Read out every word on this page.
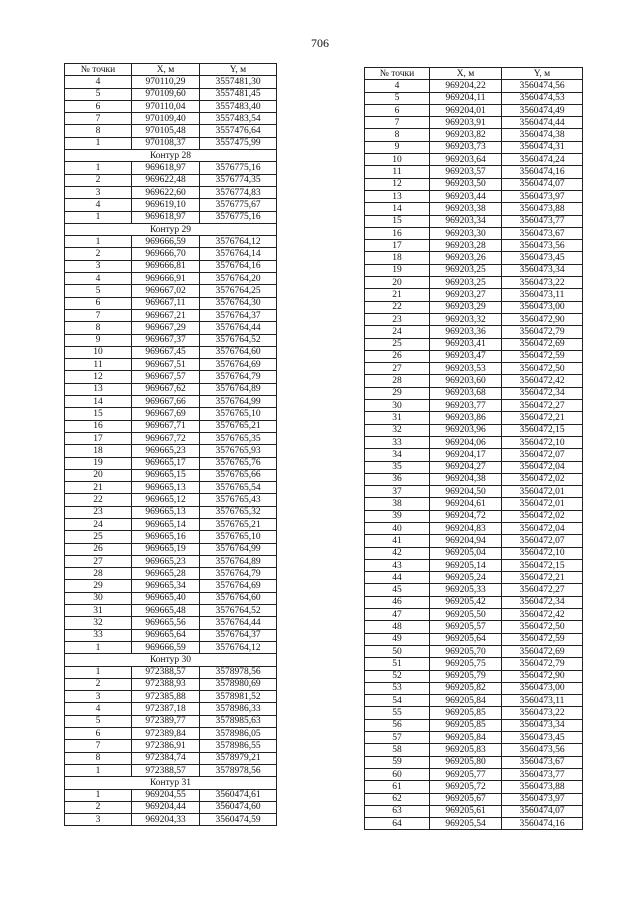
706
№ точки	X, м	Y, м
4	970110,29	3557481,30
5	970109,60	3557481,45
6	970110,04	3557483,40
7	970109,40	3557483,54
8	970105,48	3557476,64
1	970108,37	3557475,99
Контур 28		
1	969618,97	3576775,16
2	969622,48	3576774,35
3	969622,60	3576774,83
4	969619,10	3576775,67
1	969618,97	3576775,16
Контур 29		
1	969666,59	3576764,12
2	969666,70	3576764,14
3	969666,81	3576764,16
4	969666,91	3576764,20
5	969667,02	3576764,25
6	969667,11	3576764,30
7	969667,21	3576764,37
8	969667,29	3576764,44
9	969667,37	3576764,52
10	969667,45	3576764,60
11	969667,51	3576764,69
12	969667,57	3576764,79
13	969667,62	3576764,89
14	969667,66	3576764,99
15	969667,69	3576765,10
16	969667,71	3576765,21
17	969667,72	3576765,35
18	969665,23	3576765,93
19	969665,17	3576765,76
20	969665,15	3576765,66
21	969665,13	3576765,54
22	969665,12	3576765,43
23	969665,13	3576765,32
24	969665,14	3576765,21
25	969665,16	3576765,10
26	969665,19	3576764,99
27	969665,23	3576764,89
28	969665,28	3576764,79
29	969665,34	3576764,69
30	969665,40	3576764,60
31	969665,48	3576764,52
32	969665,56	3576764,44
33	969665,64	3576764,37
1	969666,59	3576764,12
Контур 30		
1	972388,57	3578978,56
2	972388,93	3578980,69
3	972385,88	3578981,52
4	972387,18	3578986,33
5	972389,77	3578985,63
6	972389,84	3578986,05
7	972386,91	3578986,55
8	972384,74	3578979,21
1	972388,57	3578978,56
Контур 31		
1	969204,55	3560474,61
2	969204,44	3560474,60
3	969204,33	3560474,59
№ точки	X, м	Y, м
4	969204,22	3560474,56
5	969204,11	3560474,53
6	969204,01	3560474,49
7	969203,91	3560474,44
8	969203,82	3560474,38
9	969203,73	3560474,31
10	969203,64	3560474,24
11	969203,57	3560474,16
12	969203,50	3560474,07
13	969203,44	3560473,97
14	969203,38	3560473,88
15	969203,34	3560473,77
16	969203,30	3560473,67
17	969203,28	3560473,56
18	969203,26	3560473,45
19	969203,25	3560473,34
20	969203,25	3560473,22
21	969203,27	3560473,11
22	969203,29	3560473,00
23	969203,32	3560472,90
24	969203,36	3560472,79
25	969203,41	3560472,69
26	969203,47	3560472,59
27	969203,53	3560472,50
28	969203,60	3560472,42
29	969203,68	3560472,34
30	969203,77	3560472,27
31	969203,86	3560472,21
32	969203,96	3560472,15
33	969204,06	3560472,10
34	969204,17	3560472,07
35	969204,27	3560472,04
36	969204,38	3560472,02
37	969204,50	3560472,01
38	969204,61	3560472,01
39	969204,72	3560472,02
40	969204,83	3560472,04
41	969204,94	3560472,07
42	969205,04	3560472,10
43	969205,14	3560472,15
44	969205,24	3560472,21
45	969205,33	3560472,27
46	969205,42	3560472,34
47	969205,50	3560472,42
48	969205,57	3560472,50
49	969205,64	3560472,59
50	969205,70	3560472,69
51	969205,75	3560472,79
52	969205,79	3560472,90
53	969205,82	3560473,00
54	969205,84	3560473,11
55	969205,85	3560473,22
56	969205,85	3560473,34
57	969205,84	3560473,45
58	969205,83	3560473,56
59	969205,80	3560473,67
60	969205,77	3560473,77
61	969205,72	3560473,88
62	969205,67	3560473,97
63	969205,61	3560474,07
64	969205,54	3560474,16
